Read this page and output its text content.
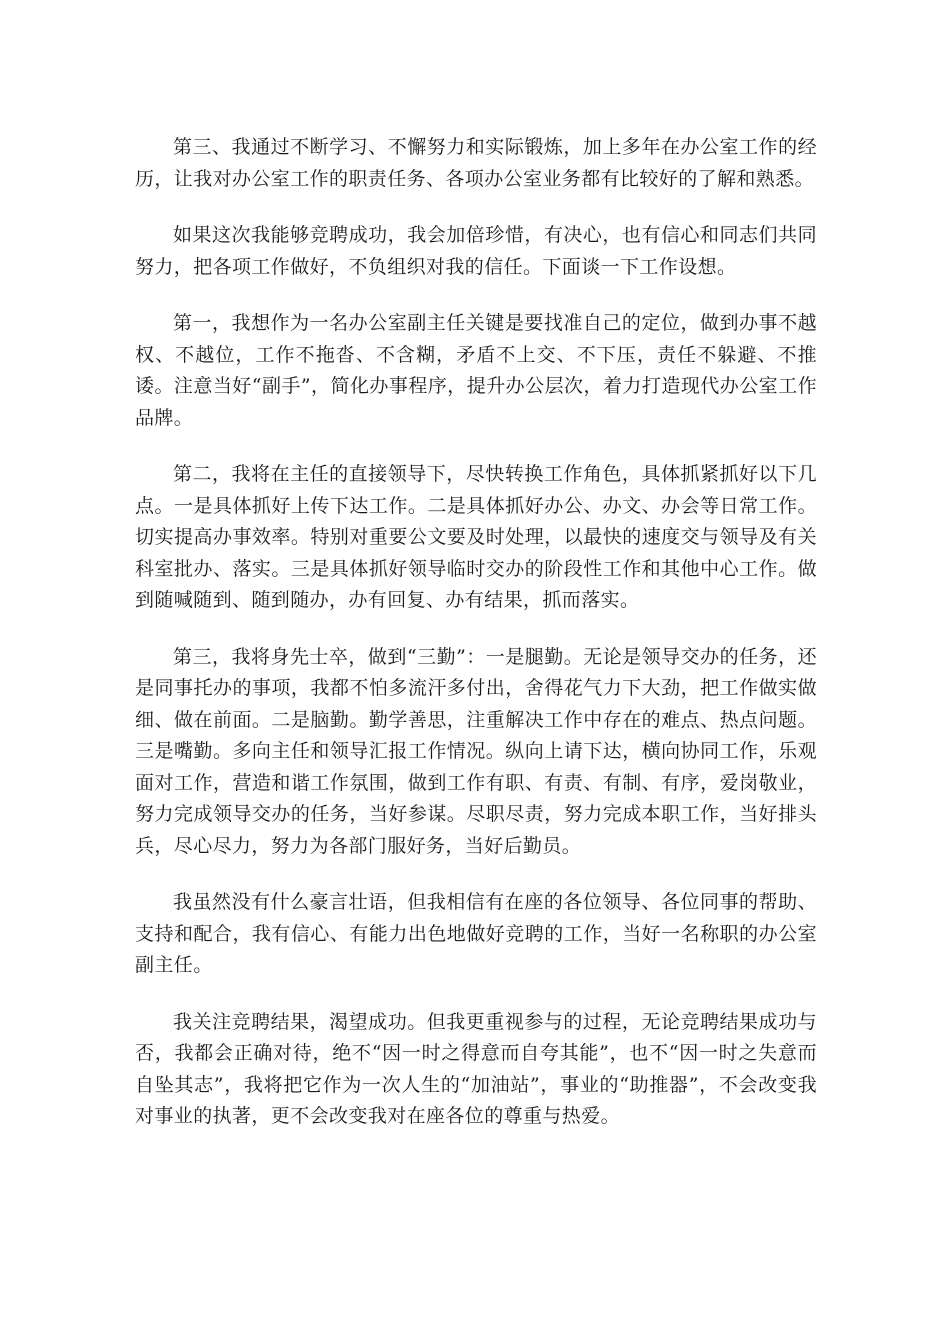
第三、我通过不断学习、不懈努力和实际锻炼，加上多年在办公室工作的经历，让我对办公室工作的职责任务、各项办公室业务都有比较好的了解和熟悉。

如果这次我能够竞聘成功，我会加倍珍惜，有决心，也有信心和同志们共同努力，把各项工作做好，不负组织对我的信任。下面谈一下工作设想。

第一，我想作为一名办公室副主任关键是要找准自己的定位，做到办事不越权、不越位，工作不拖沓、不含糊，矛盾不上交、不下压，责任不躲避、不推诿。注意当好“副手”，简化办事程序，提升办公层次，着力打造现代办公室工作品牌。

第二，我将在主任的直接领导下，尽快转换工作角色，具体抓紧抓好以下几点。一是具体抓好上传下达工作。二是具体抓好办公、办文、办会等日常工作。切实提高办事效率。特别对重要公文要及时处理，以最快的速度交与领导及有关科室批办、落实。三是具体抓好领导临时交办的阶段性工作和其他中心工作。做到随喊随到、随到随办，办有回复、办有结果，抓而落实。

第三，我将身先士卒，做到“三勤”：一是腿勤。无论是领导交办的任务，还是同事托办的事项，我都不怕多流汗多付出，舍得花气力下大劲，把工作做实做细、做在前面。二是脑勤。勤学善思，注重解决工作中存在的难点、热点问题。三是嘴勤。多向主任和领导汇报工作情况。纵向上请下达，横向协同工作，乐观面对工作，营造和谐工作氛围，做到工作有职、有责、有制、有序，爱岗敬业，努力完成领导交办的任务，当好参谋。尽职尽责，努力完成本职工作，当好排头兵，尽心尽力，努力为各部门服好务，当好后勤员。

我虽然没有什么豪言壮语，但我相信有在座的各位领导、各位同事的帮助、支持和配合，我有信心、有能力出色地做好竞聘的工作，当好一名称职的办公室副主任。

我关注竞聘结果，渴望成功。但我更重视参与的过程，无论竞聘结果成功与否，我都会正确对待，绝不“因一时之得意而自夸其能”，也不“因一时之失意而自坠其志”，我将把它作为一次人生的“加油站”，事业的“助推器”，不会改变我对事业的执著，更不会改变我对在座各位的尊重与热爱。
